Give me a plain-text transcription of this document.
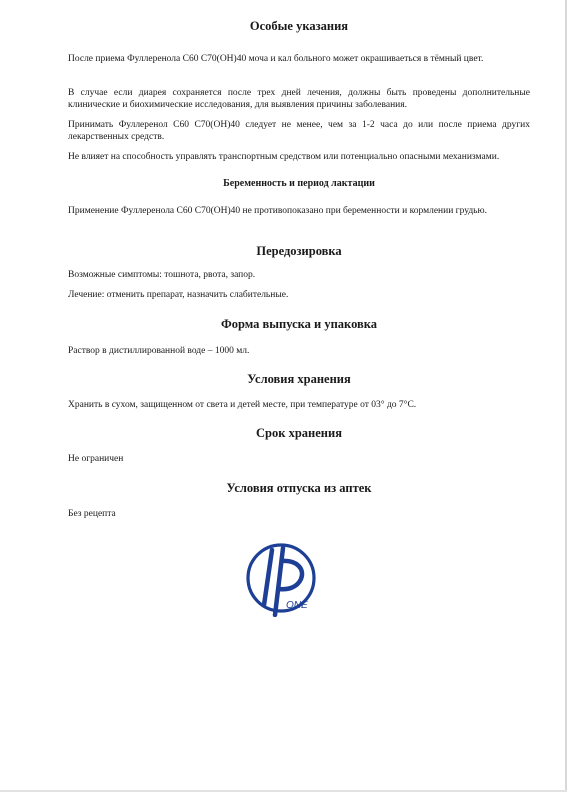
Особые указания

После приема Фуллеренола C60 C70(OH)40 моча и кал больного может окрашиваеться в тёмный цвет.

В случае если диарея сохраняется после трех дней лечения, должны быть проведены дополнительные клинические и биохимические исследования, для выявления причины заболевания.

Принимать Фуллеренол C60 C70(OH)40 следует не менее, чем за 1-2 часа до или после приема других лекарственных средств.

Не влияет на способность управлять транспортным средством или потенциально опасными механизмами.

Беременность и период лактации

Применение Фуллеренола C60 C70(OH)40 не противопоказано при беременности и кормлении грудью.

Передозировка

Возможные симптомы: тошнота, рвота, запор.

Лечение: отменить препарат, назначить слабительные.

Форма выпуска и упаковка

Раствор в дистиллированной воде – 1000 мл.

Условия хранения

Хранить в сухом, защищенном от света и детей месте, при температуре от 03° до 7°С.

Срок хранения

Не ограничен

Условия отпуска из аптек

Без рецепта

ONE
